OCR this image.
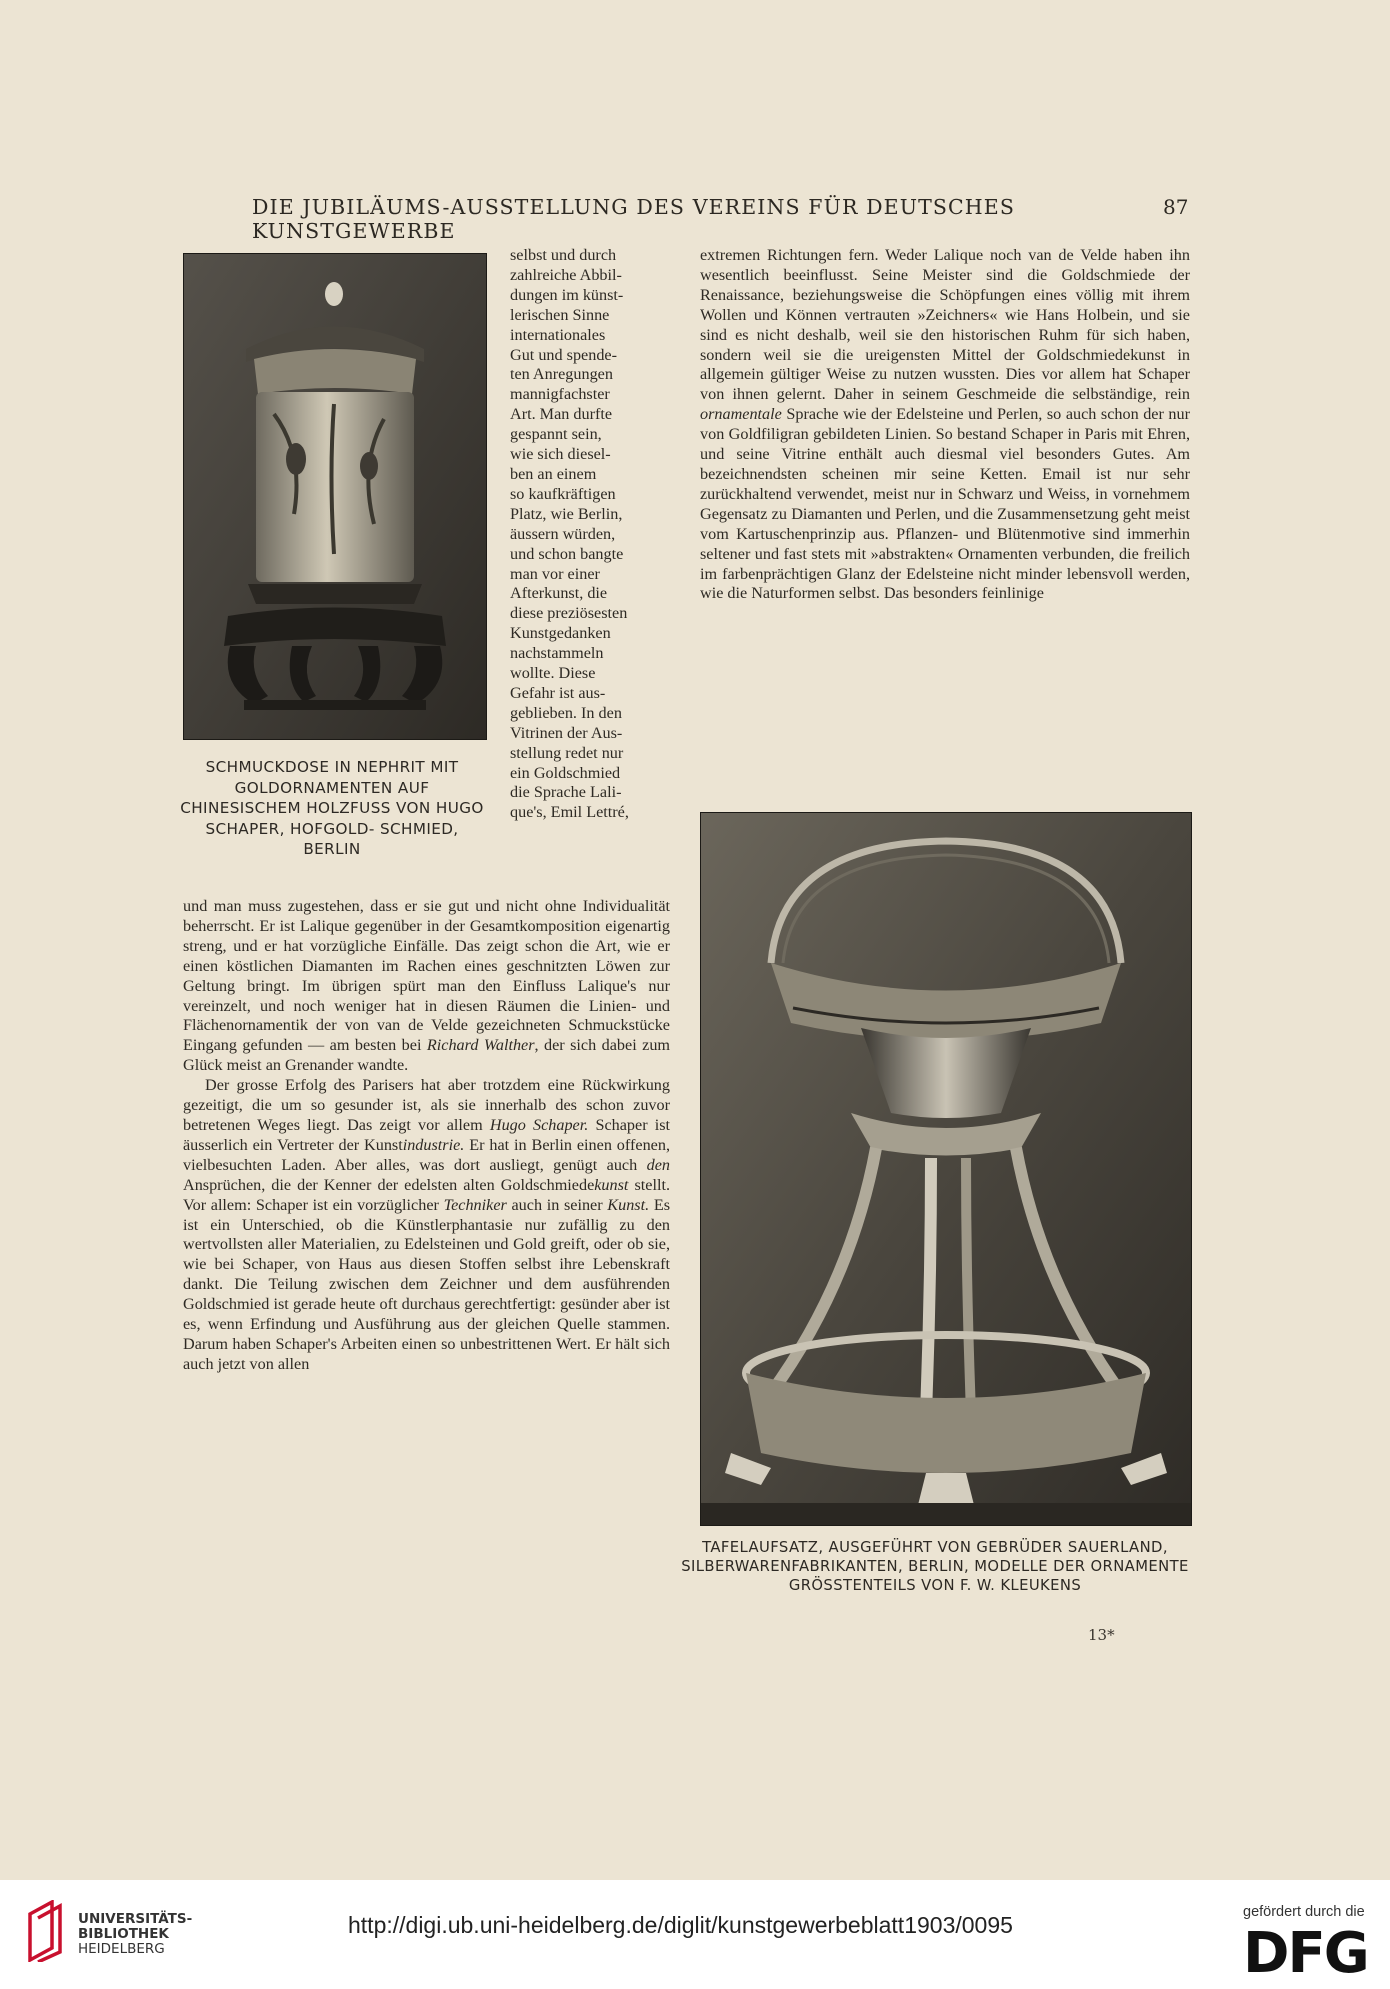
DIE JUBILÄUMS-AUSSTELLUNG DES VEREINS FÜR DEUTSCHES KUNSTGEWERBE
87
SCHMUCKDOSE IN NEPHRIT MIT GOLDORNAMENTEN AUF CHINESISCHEM HOLZFUSS VON HUGO SCHAPER, HOFGOLD- SCHMIED, BERLIN
selbst und durch
zahlreiche Abbil-
dungen im künst-
lerischen Sinne
internationales
Gut und spende-
ten Anregungen
mannigfachster
Art. Man durfte
gespannt sein,
wie sich diesel-
ben an einem
so kaufkräftigen
Platz, wie Berlin,
äussern würden,
und schon bangte
man vor einer
Afterkunst, die
diese preziösesten
Kunstgedanken
nachstammeln
wollte. Diese
Gefahr ist aus-
geblieben. In den
Vitrinen der Aus-
stellung redet nur
ein Goldschmied
die Sprache Lali-
que's, Emil Lettré,

und man muss zugestehen, dass er sie gut und nicht ohne Individualität beherrscht. Er ist Lalique gegenüber in der Gesamtkomposition eigenartig streng, und er hat vorzügliche Einfälle. Das zeigt schon die Art, wie er einen köstlichen Diamanten im Rachen eines geschnitzten Löwen zur Geltung bringt. Im übrigen spürt man den Einfluss Lalique's nur vereinzelt, und noch weniger hat in diesen Räumen die Linien- und Flächenornamentik der von van de Velde gezeichneten Schmuckstücke Eingang gefunden — am besten bei Richard Walther, der sich dabei zum Glück meist an Grenander wandte.

Der grosse Erfolg des Parisers hat aber trotzdem eine Rückwirkung gezeitigt, die um so gesunder ist, als sie innerhalb des schon zuvor betretenen Weges liegt. Das zeigt vor allem Hugo Schaper. Schaper ist äusserlich ein Vertreter der Kunstindustrie. Er hat in Berlin einen offenen, vielbesuchten Laden. Aber alles, was dort ausliegt, genügt auch den Ansprüchen, die der Kenner der edelsten alten Goldschmiedekunst stellt. Vor allem: Schaper ist ein vorzüglicher Techniker auch in seiner Kunst. Es ist ein Unterschied, ob die Künstlerphantasie nur zufällig zu den wertvollsten aller Materialien, zu Edelsteinen und Gold greift, oder ob sie, wie bei Schaper, von Haus aus diesen Stoffen selbst ihre Lebenskraft dankt. Die Teilung zwischen dem Zeichner und dem ausführenden Goldschmied ist gerade heute oft durchaus gerechtfertigt: gesünder aber ist es, wenn Erfindung und Ausführung aus der gleichen Quelle stammen. Darum haben Schaper's Arbeiten einen so unbestrittenen Wert. Er hält sich auch jetzt von allen

extremen Richtungen fern. Weder Lalique noch van de Velde haben ihn wesentlich beeinflusst. Seine Meister sind die Goldschmiede der Renaissance, beziehungsweise die Schöpfungen eines völlig mit ihrem Wollen und Können vertrauten »Zeichners« wie Hans Holbein, und sie sind es nicht deshalb, weil sie den historischen Ruhm für sich haben, sondern weil sie die ureigensten Mittel der Goldschmiedekunst in allgemein gültiger Weise zu nutzen wussten. Dies vor allem hat Schaper von ihnen gelernt. Daher in seinem Geschmeide die selbständige, rein ornamentale Sprache wie der Edelsteine und Perlen, so auch schon der nur von Goldfiligran gebildeten Linien. So bestand Schaper in Paris mit Ehren, und seine Vitrine enthält auch diesmal viel besonders Gutes. Am bezeichnendsten scheinen mir seine Ketten. Email ist nur sehr zurückhaltend verwendet, meist nur in Schwarz und Weiss, in vornehmem Gegensatz zu Diamanten und Perlen, und die Zusammensetzung geht meist vom Kartuschenprinzip aus. Pflanzen- und Blütenmotive sind immerhin seltener und fast stets mit »abstrakten« Ornamenten verbunden, die freilich im farbenprächtigen Glanz der Edelsteine nicht minder lebensvoll werden, wie die Naturformen selbst. Das besonders feinlinige

TAFELAUFSATZ, AUSGEFÜHRT VON GEBRÜDER SAUERLAND, SILBERWARENFABRIKANTEN, BERLIN, MODELLE DER ORNAMENTE GRÖSSTENTEILS VON F. W. KLEUKENS
13*
UNIVERSITÄTS-
BIBLIOTHEK
HEIDELBERG
http://digi.ub.uni-heidelberg.de/diglit/kunstgewerbeblatt1903/0095	gefördert durch die
DFG
